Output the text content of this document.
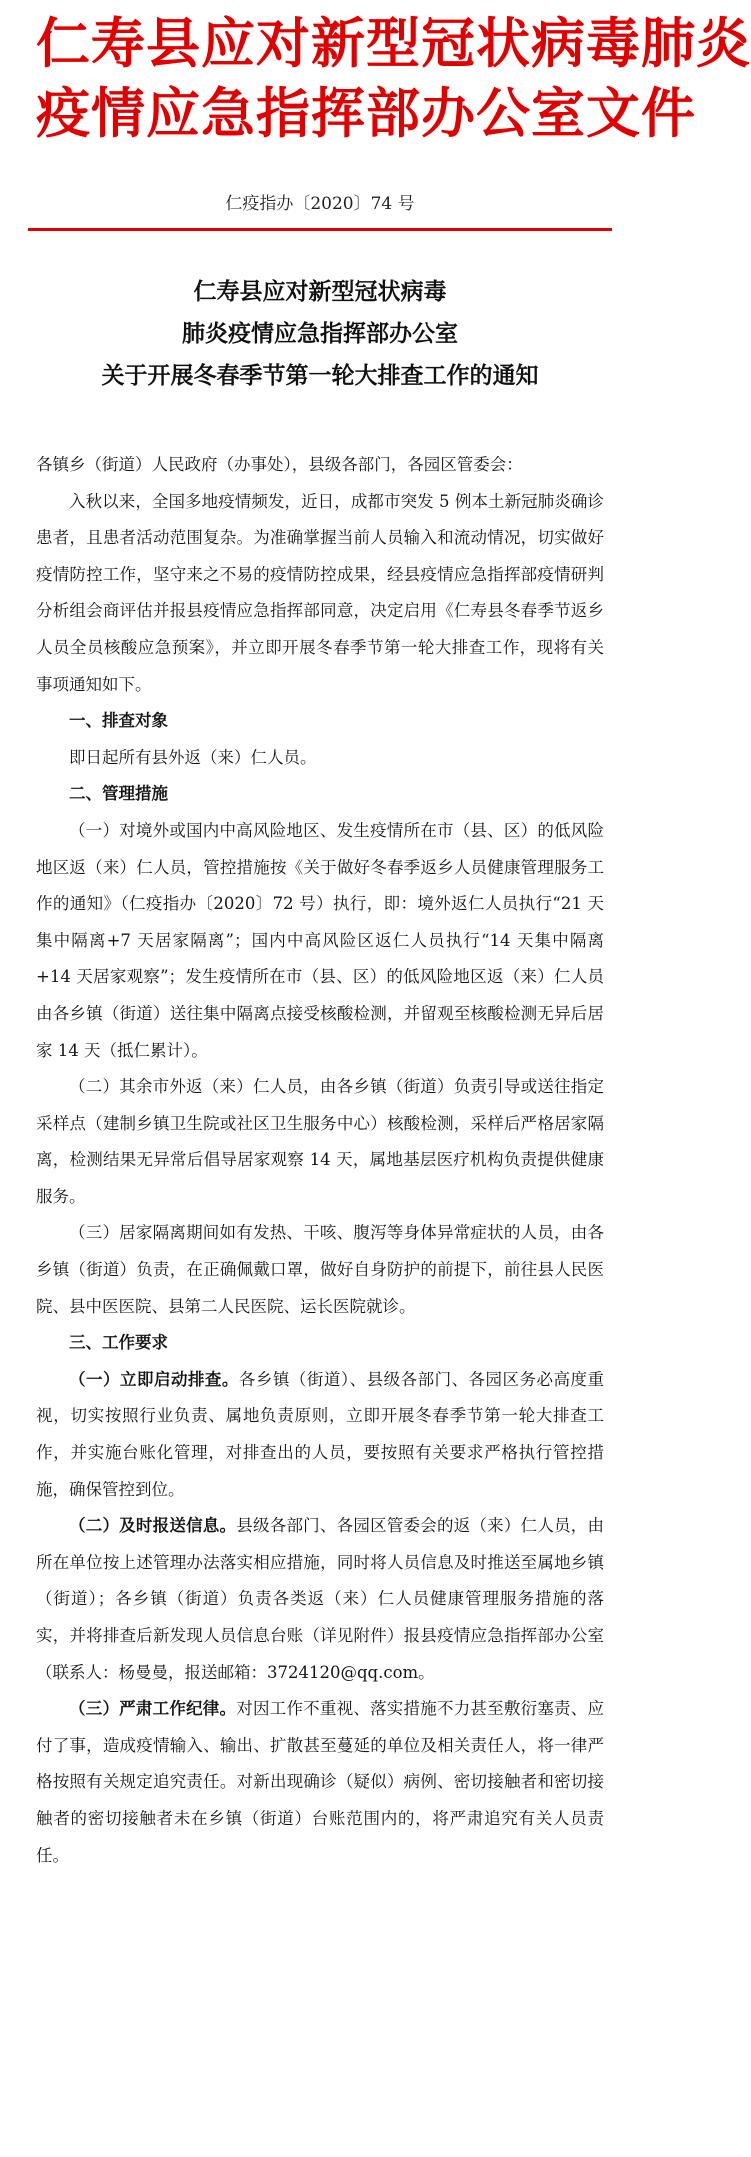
仁寿县应对新型冠状病毒肺炎
疫情应急指挥部办公室文件
仁疫指办〔2020〕74 号
仁寿县应对新型冠状病毒
肺炎疫情应急指挥部办公室
关于开展冬春季节第一轮大排查工作的通知

各镇乡（街道）人民政府（办事处），县级各部门，各园区管委会：

入秋以来，全国多地疫情频发，近日，成都市突发 5 例本土新冠肺炎确诊患者，且患者活动范围复杂。为准确掌握当前人员输入和流动情况，切实做好疫情防控工作，坚守来之不易的疫情防控成果，经县疫情应急指挥部疫情研判分析组会商评估并报县疫情应急指挥部同意，决定启用《仁寿县冬春季节返乡人员全员核酸应急预案》，并立即开展冬春季节第一轮大排查工作，现将有关事项通知如下。

一、排查对象

即日起所有县外返（来）仁人员。

二、管理措施

（一）对境外或国内中高风险地区、发生疫情所在市（县、区）的低风险地区返（来）仁人员，管控措施按《关于做好冬春季返乡人员健康管理服务工作的通知》（仁疫指办〔2020〕72 号）执行，即：境外返仁人员执行“21 天集中隔离+7 天居家隔离”；国内中高风险区返仁人员执行“14 天集中隔离+14 天居家观察”；发生疫情所在市（县、区）的低风险地区返（来）仁人员由各乡镇（街道）送往集中隔离点接受核酸检测，并留观至核酸检测无异后居家 14 天（抵仁累计）。

（二）其余市外返（来）仁人员，由各乡镇（街道）负责引导或送往指定采样点（建制乡镇卫生院或社区卫生服务中心）核酸检测，采样后严格居家隔离，检测结果无异常后倡导居家观察 14 天，属地基层医疗机构负责提供健康服务。

（三）居家隔离期间如有发热、干咳、腹泻等身体异常症状的人员，由各乡镇（街道）负责，在正确佩戴口罩，做好自身防护的前提下，前往县人民医院、县中医医院、县第二人民医院、运长医院就诊。

三、工作要求

（一）立即启动排查。各乡镇（街道）、县级各部门、各园区务必高度重视，切实按照行业负责、属地负责原则，立即开展冬春季节第一轮大排查工作，并实施台账化管理，对排查出的人员，要按照有关要求严格执行管控措施，确保管控到位。

（二）及时报送信息。县级各部门、各园区管委会的返（来）仁人员，由所在单位按上述管理办法落实相应措施，同时将人员信息及时推送至属地乡镇（街道）；各乡镇（街道）负责各类返（来）仁人员健康管理服务措施的落实，并将排查后新发现人员信息台账（详见附件）报县疫情应急指挥部办公室（联系人：杨曼曼，报送邮箱：3724120@qq.com。

（三）严肃工作纪律。对因工作不重视、落实措施不力甚至敷衍塞责、应付了事，造成疫情输入、输出、扩散甚至蔓延的单位及相关责任人，将一律严格按照有关规定追究责任。对新出现确诊（疑似）病例、密切接触者和密切接触者的密切接触者未在乡镇（街道）台账范围内的，将严肃追究有关人员责任。
